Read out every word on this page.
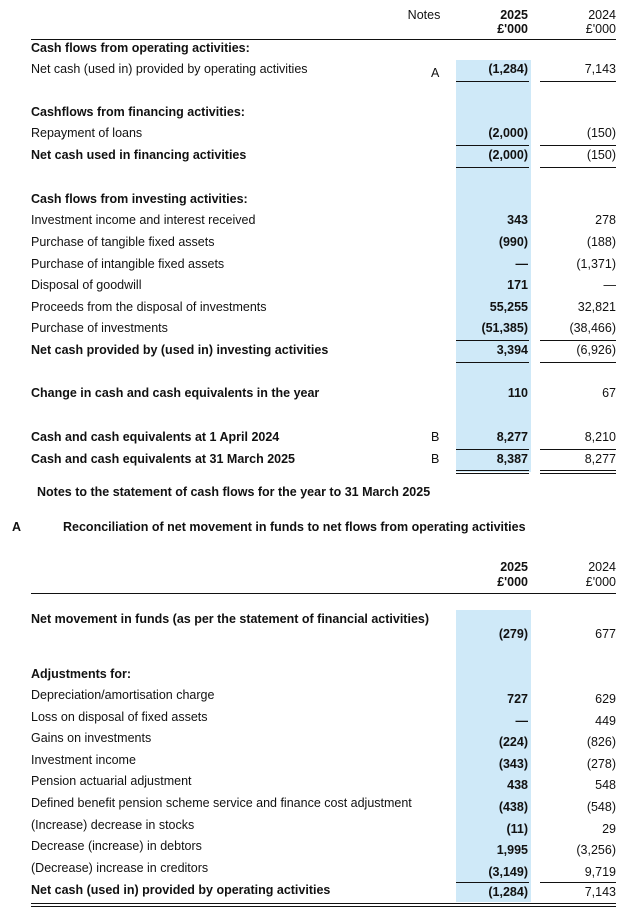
Notes	2025
£'000
2024
£'000
Cash flows from operating activities:
Net cash (used in) provided by operating activities	A	(1,284)	7,143
Cashflows from financing activities:
Repayment of loans	(2,000)	(150)
Net cash used in financing activities	(2,000)	(150)
Cash flows from investing activities:
Investment income and interest received	343	278
Purchase of tangible fixed assets	(990)	(188)
Purchase of intangible fixed assets	—	(1,371)
Disposal of goodwill	171	—
Proceeds from the disposal of investments	55,255	32,821
Purchase of investments	(51,385)	(38,466)
Net cash provided by (used in) investing activities	3,394	(6,926)
Change in cash and cash equivalents in the year	110	67
Cash and cash equivalents at 1 April 2024	B	8,277	8,210
Cash and cash equivalents at 31 March 2025	B	8,387	8,277
Notes to the statement of cash flows for the year to 31 March 2025
A	Reconciliation of net movement in funds to net flows from operating activities
2025
£'000
2024
£'000
Net movement in funds (as per the statement of financial activities)
(279)	677
Adjustments for:
Depreciation/amortisation charge	727	629
Loss on disposal of fixed assets	—	449
Gains on investments	(224)	(826)
Investment income	(343)	(278)
Pension actuarial adjustment	438	548
Defined benefit pension scheme service and finance cost adjustment	(438)	(548)
(Increase) decrease in stocks	(11)	29
Decrease (increase) in debtors	1,995	(3,256)
(Decrease) increase in creditors	(3,149)	9,719
Net cash (used in) provided by operating activities	(1,284)	7,143
